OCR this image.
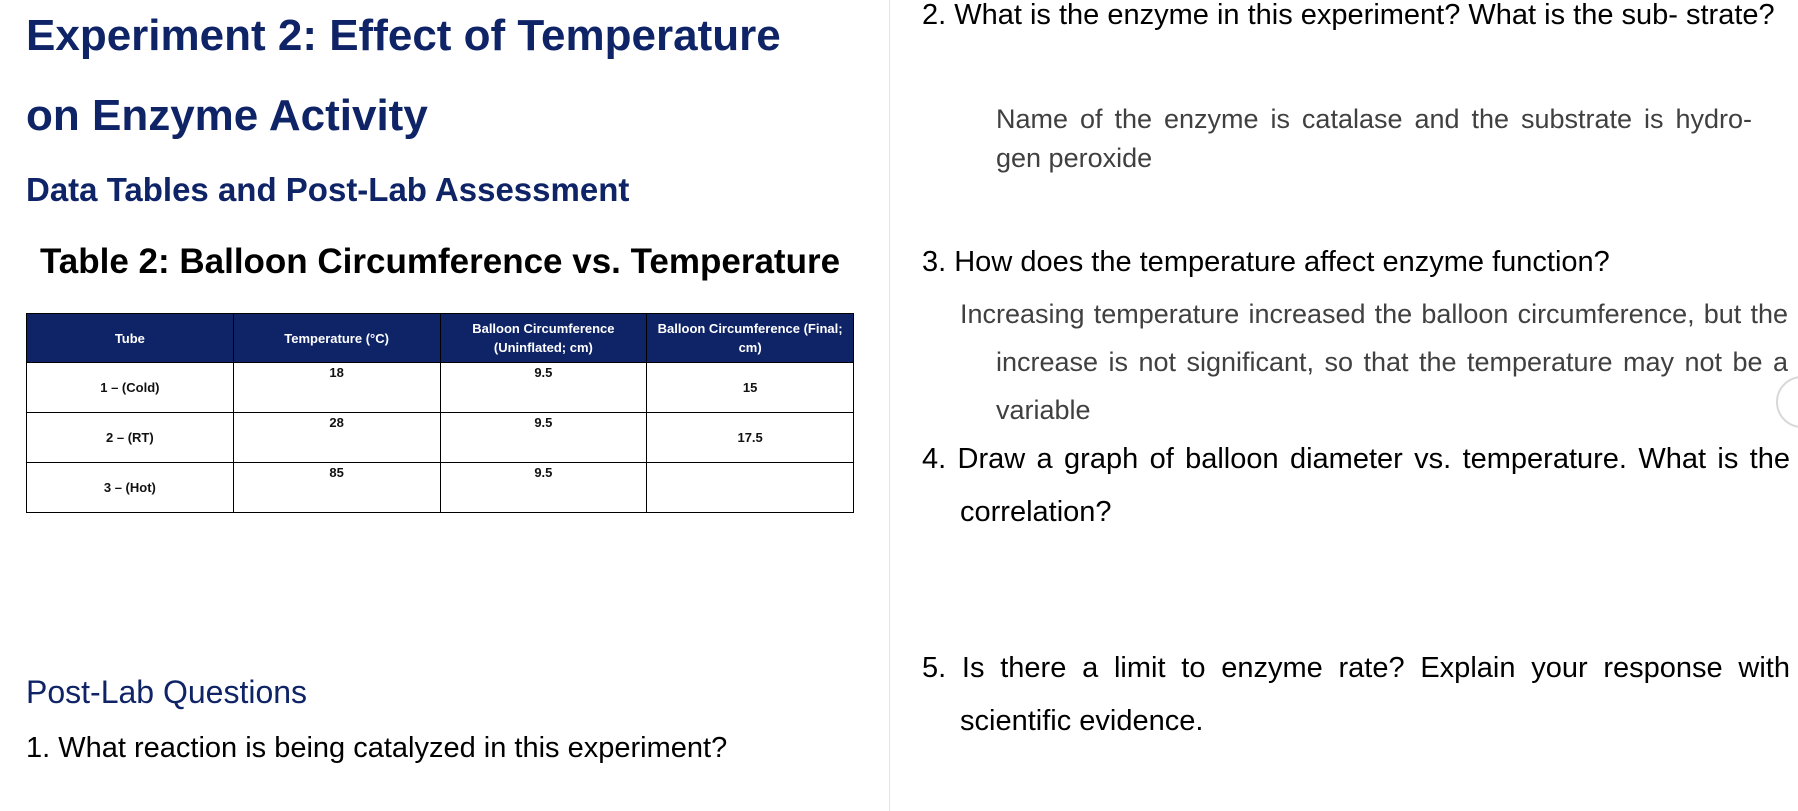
Experiment 2: Effect of Temperature
on Enzyme Activity
Data Tables and Post-Lab Assessment
Table 2: Balloon Circumference vs. Temperature
Tube	Temperature (°C)	Balloon Circumference (Uninflated; cm)	Balloon Circumference (Final; cm)
1 – (Cold)	18	9.5	15
2 – (RT)	28	9.5	17.5
3 – (Hot)	85	9.5	
Post-Lab Questions

1. What reaction is being catalyzed in this experiment?

2. What is the enzyme in this experiment? What is the sub- strate?

Name of the enzyme is catalase and the substrate is hydro- gen peroxide

3. How does the temperature affect enzyme function?

Increasing temperature increased the balloon circumference, but the increase is not significant, so that the temperature may not be a variable

4. Draw a graph of balloon diameter vs. temperature. What is the correlation?

5. Is there a limit to enzyme rate? Explain your response with scientific evidence.
